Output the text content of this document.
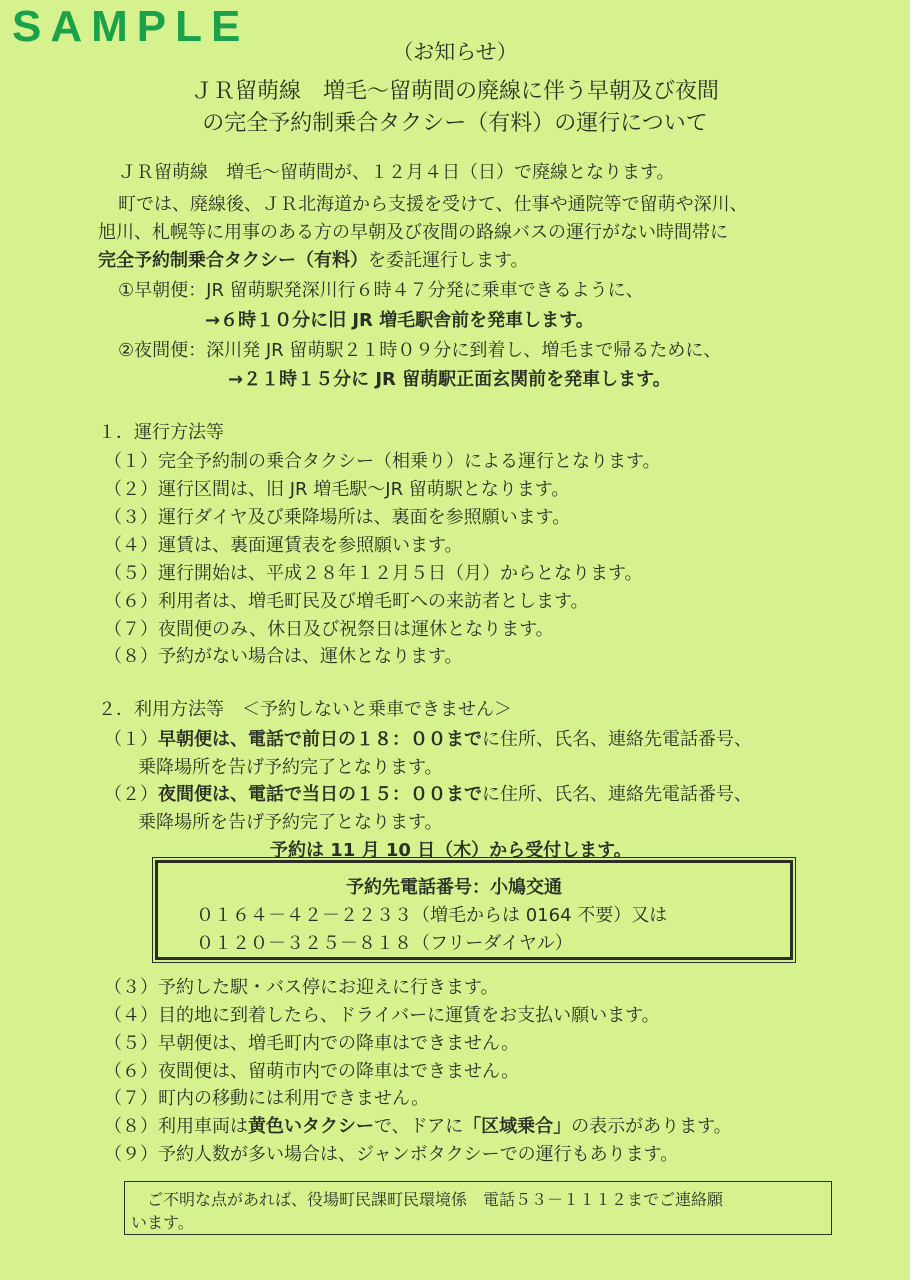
SAMPLE
（お知らせ）
ＪＲ留萌線　増毛～留萌間の廃線に伴う早朝及び夜間
の完全予約制乗合タクシー（有料）の運行について
ＪＲ留萌線　増毛～留萌間が、１２月４日（日）で廃線となります。
町では、廃線後、ＪＲ北海道から支援を受けて、仕事や通院等で留萌や深川、
旭川、札幌等に用事のある方の早朝及び夜間の路線バスの運行がない時間帯に
完全予約制乗合タクシー（有料）を委託運行します。
①早朝便：JR 留萌駅発深川行６時４７分発に乗車できるように、
→６時１０分に旧 JR 増毛駅舎前を発車します。
②夜間便：深川発 JR 留萌駅２１時０９分に到着し、増毛まで帰るために、
→２１時１５分に JR 留萌駅正面玄関前を発車します。
１．運行方法等
（１）完全予約制の乗合タクシー（相乗り）による運行となります。
（２）運行区間は、旧 JR 増毛駅～JR 留萌駅となります。
（３）運行ダイヤ及び乗降場所は、裏面を参照願います。
（４）運賃は、裏面運賃表を参照願います。
（５）運行開始は、平成２８年１２月５日（月）からとなります。
（６）利用者は、増毛町民及び増毛町への来訪者とします。
（７）夜間便のみ、休日及び祝祭日は運休となります。
（８）予約がない場合は、運休となります。
２．利用方法等　＜予約しないと乗車できません＞
（１）早朝便は、電話で前日の１８：００までに住所、氏名、連絡先電話番号、
乗降場所を告げ予約完了となります。
（２）夜間便は、電話で当日の１５：００までに住所、氏名、連絡先電話番号、
乗降場所を告げ予約完了となります。
予約は 11 月 10 日（木）から受付します。
予約先電話番号：小鳩交通
０１６４－４２－２２３３（増毛からは 0164 不要）又は
０１２０－３２５－８１８（フリーダイヤル）
（３）予約した駅・バス停にお迎えに行きます。
（４）目的地に到着したら、ドライバーに運賃をお支払い願います。
（５）早朝便は、増毛町内での降車はできません。
（６）夜間便は、留萌市内での降車はできません。
（７）町内の移動には利用できません。
（８）利用車両は黄色いタクシーで、ドアに「区域乗合」の表示があります。
（９）予約人数が多い場合は、ジャンボタクシーでの運行もあります。
ご不明な点があれば、役場町民課町民環境係　電話５３－１１１２までご連絡願
います。
